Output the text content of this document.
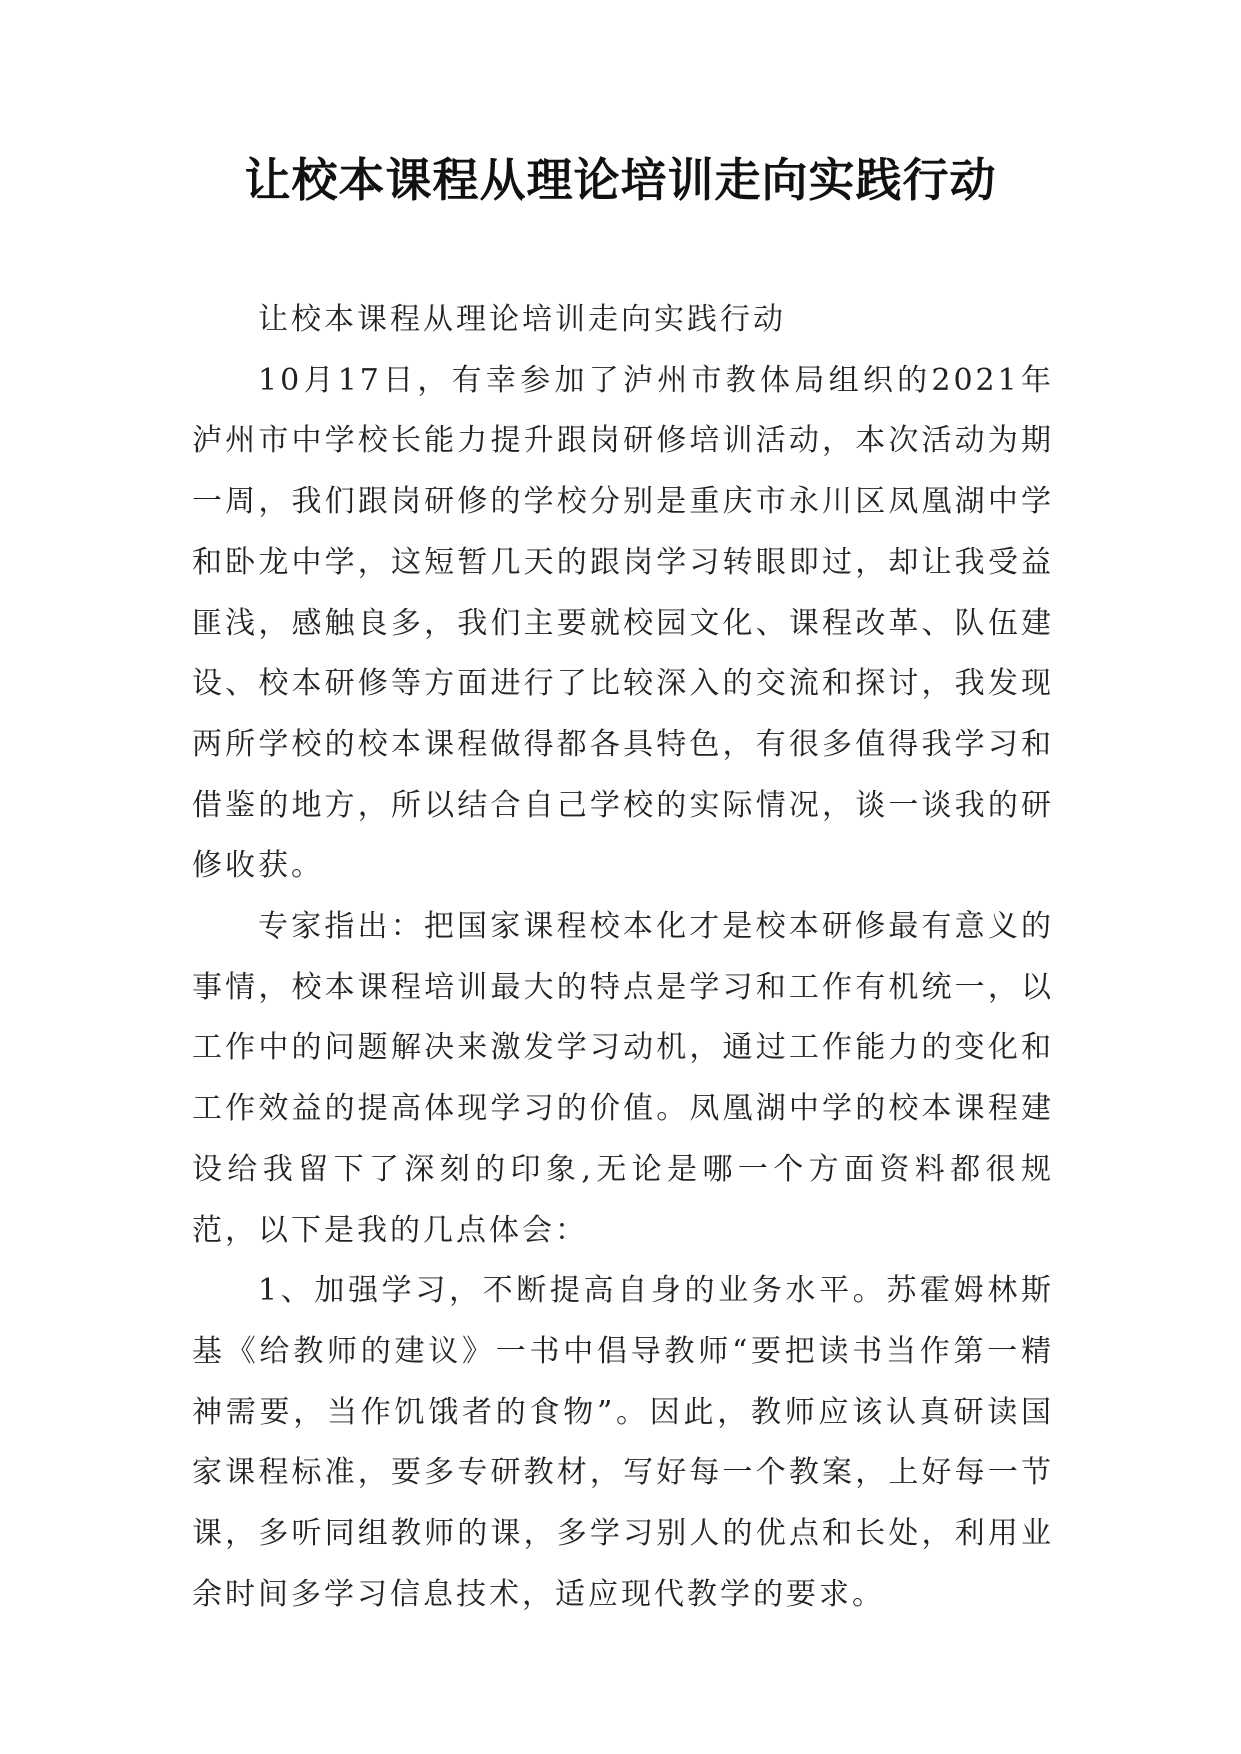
让校本课程从理论培训走向实践行动

让校本课程从理论培训走向实践行动

10月17日，有幸参加了泸州市教体局组织的2021年泸州市中学校长能力提升跟岗研修培训活动，本次活动为期一周，我们跟岗研修的学校分别是重庆市永川区凤凰湖中学和卧龙中学，这短暂几天的跟岗学习转眼即过，却让我受益匪浅，感触良多，我们主要就校园文化、课程改革、队伍建设、校本研修等方面进行了比较深入的交流和探讨，我发现两所学校的校本课程做得都各具特色，有很多值得我学习和借鉴的地方，所以结合自己学校的实际情况，谈一谈我的研修收获。

专家指出：把国家课程校本化才是校本研修最有意义的事情，校本课程培训最大的特点是学习和工作有机统一，以工作中的问题解决来激发学习动机，通过工作能力的变化和工作效益的提高体现学习的价值。凤凰湖中学的校本课程建设给我留下了深刻的印象,无论是哪一个方面资料都很规范，以下是我的几点体会：

1、加强学习，不断提高自身的业务水平。苏霍姆林斯基《给教师的建议》一书中倡导教师“要把读书当作第一精神需要，当作饥饿者的食物”。因此，教师应该认真研读国家课程标准，要多专研教材，写好每一个教案，上好每一节课，多听同组教师的课，多学习别人的优点和长处，利用业余时间多学习信息技术，适应现代教学的要求。
